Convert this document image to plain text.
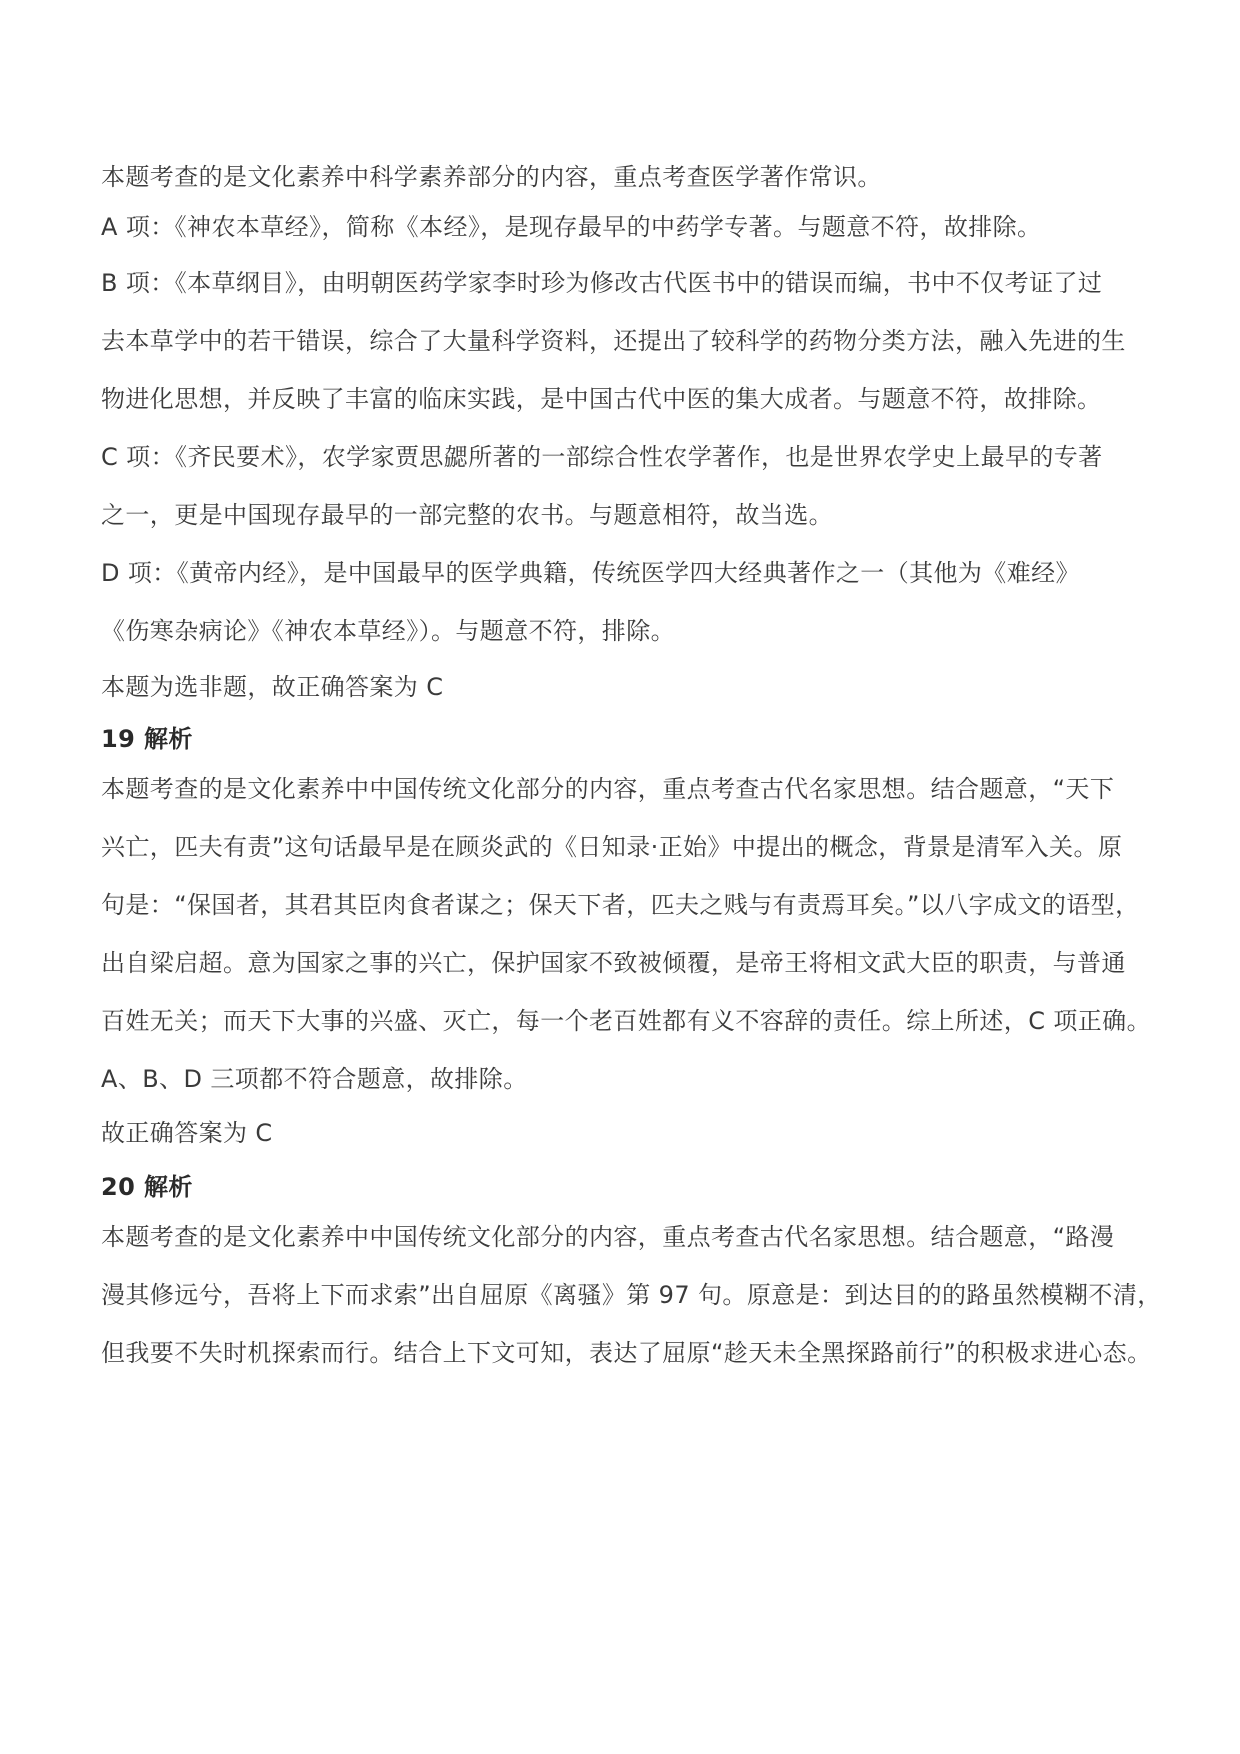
本题考查的是文化素养中科学素养部分的内容，重点考查医学著作常识。
A 项：《神农本草经》，简称《本经》，是现存最早的中药学专著。与题意不符，故排除。
B 项：《本草纲目》，由明朝医药学家李时珍为修改古代医书中的错误而编，书中不仅考证了过
去本草学中的若干错误，综合了大量科学资料，还提出了较科学的药物分类方法，融入先进的生
物进化思想，并反映了丰富的临床实践，是中国古代中医的集大成者。与题意不符，故排除。
C 项：《齐民要术》，农学家贾思勰所著的一部综合性农学著作，也是世界农学史上最早的专著
之一，更是中国现存最早的一部完整的农书。与题意相符，故当选。
D 项：《黄帝内经》，是中国最早的医学典籍，传统医学四大经典著作之一（其他为《难经》
《伤寒杂病论》《神农本草经》）。与题意不符，排除。
本题为选非题，故正确答案为 C
19 解析
本题考查的是文化素养中中国传统文化部分的内容，重点考查古代名家思想。结合题意，“天下
兴亡，匹夫有责”这句话最早是在顾炎武的《日知录·正始》中提出的概念，背景是清军入关。原
句是：“保国者，其君其臣肉食者谋之；保天下者，匹夫之贱与有责焉耳矣。”以八字成文的语型，
出自梁启超。意为国家之事的兴亡，保护国家不致被倾覆，是帝王将相文武大臣的职责，与普通
百姓无关；而天下大事的兴盛、灭亡，每一个老百姓都有义不容辞的责任。综上所述，C 项正确。
A、B、D 三项都不符合题意，故排除。
故正确答案为 C
20 解析
本题考查的是文化素养中中国传统文化部分的内容，重点考查古代名家思想。结合题意，“路漫
漫其修远兮，吾将上下而求索”出自屈原《离骚》第 97 句。原意是：到达目的的路虽然模糊不清，
但我要不失时机探索而行。结合上下文可知，表达了屈原“趁天未全黑探路前行”的积极求进心态。
